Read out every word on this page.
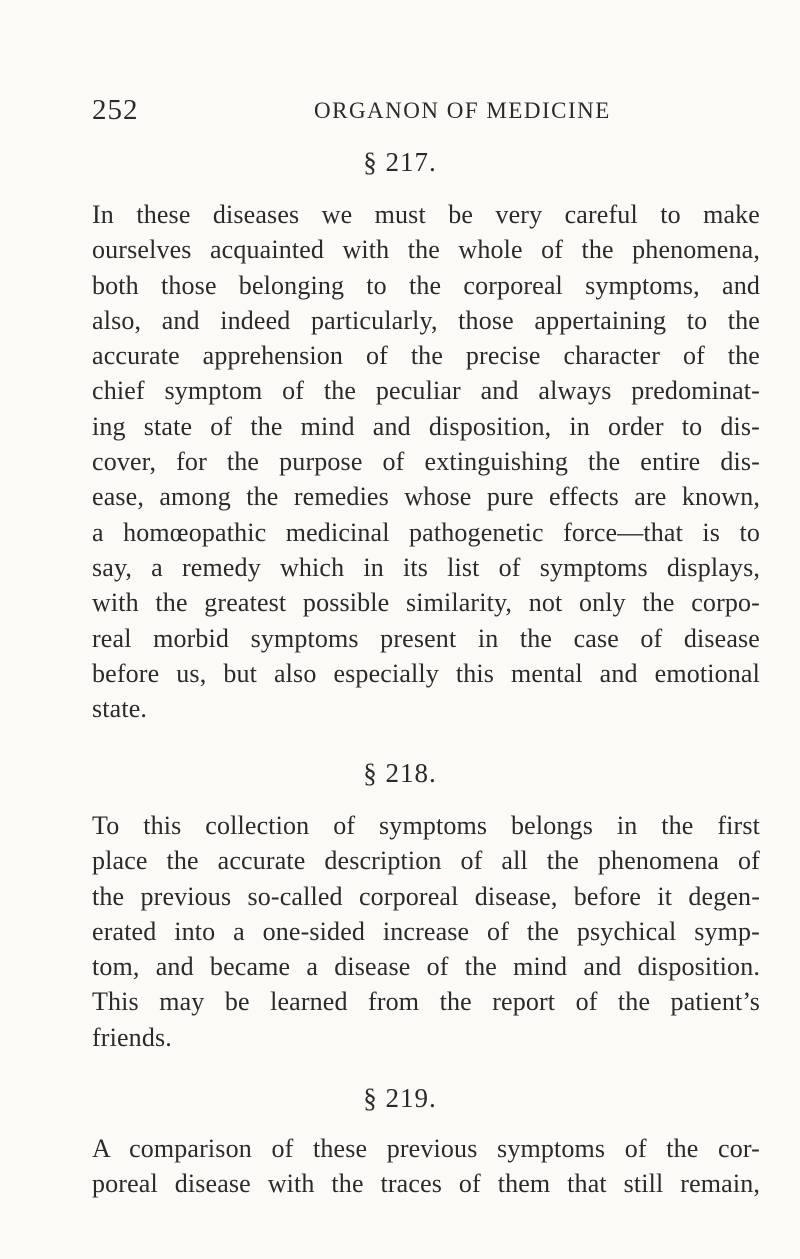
252	ORGANON OF MEDICINE
§ 217.
In these diseases we must be very careful to make
ourselves acquainted with the whole of the phenomena,
both those belonging to the corporeal symptoms, and
also, and indeed particularly, those appertaining to the
accurate apprehension of the precise character of the
chief symptom of the peculiar and always predominat-
ing state of the mind and disposition, in order to dis-
cover, for the purpose of extinguishing the entire dis-
ease, among the remedies whose pure effects are known,
a homœopathic medicinal pathogenetic force—that is to
say, a remedy which in its list of symptoms displays,
with the greatest possible similarity, not only the corpo-
real morbid symptoms present in the case of disease
before us, but also especially this mental and emotional
state.
§ 218.
To this collection of symptoms belongs in the first
place the accurate description of all the phenomena of
the previous so-called corporeal disease, before it degen-
erated into a one-sided increase of the psychical symp-
tom, and became a disease of the mind and disposition.
This may be learned from the report of the patient’s
friends.
§ 219.
A comparison of these previous symptoms of the cor-
poreal disease with the traces of them that still remain,
